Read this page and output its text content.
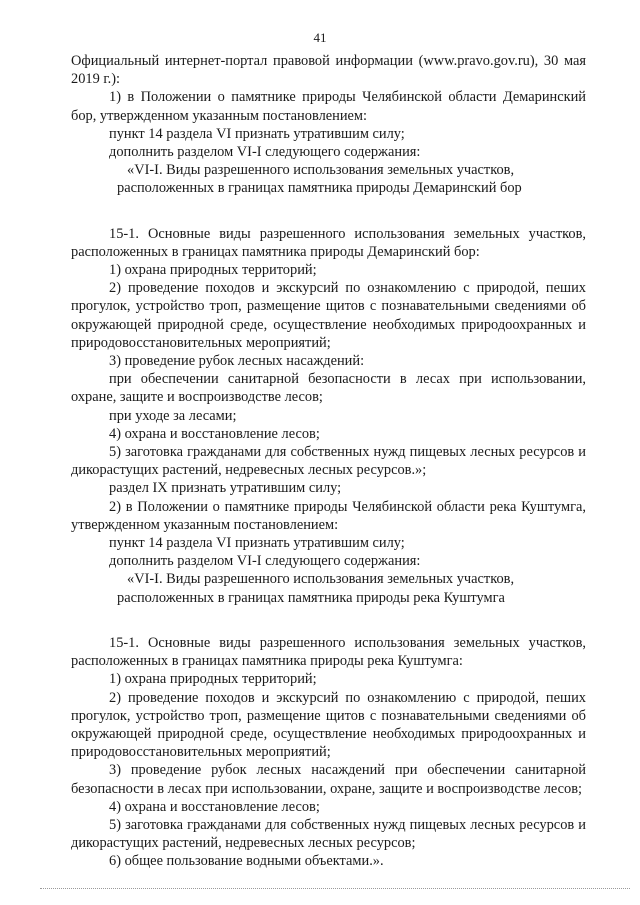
41

Официальный интернет-портал правовой информации (www.pravo.gov.ru), 30 мая 2019 г.):

1) в Положении о памятнике природы Челябинской области Демаринский бор, утвержденном указанным постановлением:

пункт 14 раздела VI признать утратившим силу;

дополнить разделом VI-I следующего содержания:

«VI-I. Виды разрешенного использования земельных участков,
расположенных в границах памятника природы Демаринский бор

15-1. Основные виды разрешенного использования земельных участков, расположенных в границах памятника природы Демаринский бор:

1) охрана природных территорий;

2) проведение походов и экскурсий по ознакомлению с природой, пеших прогулок, устройство троп, размещение щитов с познавательными сведениями об окружающей природной среде, осуществление необходимых природоохранных и природовосстановительных мероприятий;

3) проведение рубок лесных насаждений:

при обеспечении санитарной безопасности в лесах при использовании, охране, защите и воспроизводстве лесов;

при уходе за лесами;

4) охрана и восстановление лесов;

5) заготовка гражданами для собственных нужд пищевых лесных ресурсов и дикорастущих растений, недревесных лесных ресурсов.»;

раздел IX признать утратившим силу;

2) в Положении о памятнике природы Челябинской области река Куштумга, утвержденном указанным постановлением:

пункт 14 раздела VI признать утратившим силу;

дополнить разделом VI-I следующего содержания:

«VI-I. Виды разрешенного использования земельных участков,
расположенных в границах памятника природы река Куштумга

15-1. Основные виды разрешенного использования земельных участков, расположенных в границах памятника природы река Куштумга:

1) охрана природных территорий;

2) проведение походов и экскурсий по ознакомлению с природой, пеших прогулок, устройство троп, размещение щитов с познавательными сведениями об окружающей природной среде, осуществление необходимых природоохранных и природовосстановительных мероприятий;

3) проведение рубок лесных насаждений при обеспечении санитарной безопасности в лесах при использовании, охране, защите и воспроизводстве лесов;

4) охрана и восстановление лесов;

5) заготовка гражданами для собственных нужд пищевых лесных ресурсов и дикорастущих растений, недревесных лесных ресурсов;

6) общее пользование водными объектами.».
